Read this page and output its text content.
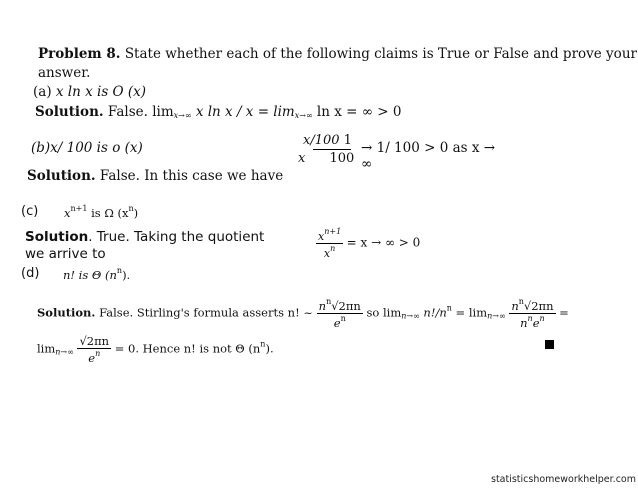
Problem 8. State whether each of the following claims is True or False and prove your
answer.
(a) x ln x is O (x)
Solution. False. $\lim_{x\to\infty} x$ $\ln x / x = \lim_{x\to\infty} \ln x$ = ∞ > 0
(b)x/ 100 is o (x)	x/100 1
x 100
→ 1/ 100 > 0 as x →
∞
Solution. False. In this case we have
(c) $x^{n+1}$ is Ω $(x^n)$
Solution. True. Taking the quotient
we arrive to	$\frac{x^{n+1}}{x^n} = x$ → ∞ > 0
(d) n! is Θ $(n^n)$.
Solution. False. Stirling's formula asserts n! ~ $\frac{n^n√2\pi n}{e^n}$ so $\lim_{n\to\infty} n!/n^n = \lim_{n\to\infty} \frac{n^n√2\pi n}{n^ne^n}$ =
$\lim_{n\to\infty} \frac{√2\pi n}{e^n} = 0$. Hence n! is not Θ $(n^n)$.
statisticshomeworkhelper.com
